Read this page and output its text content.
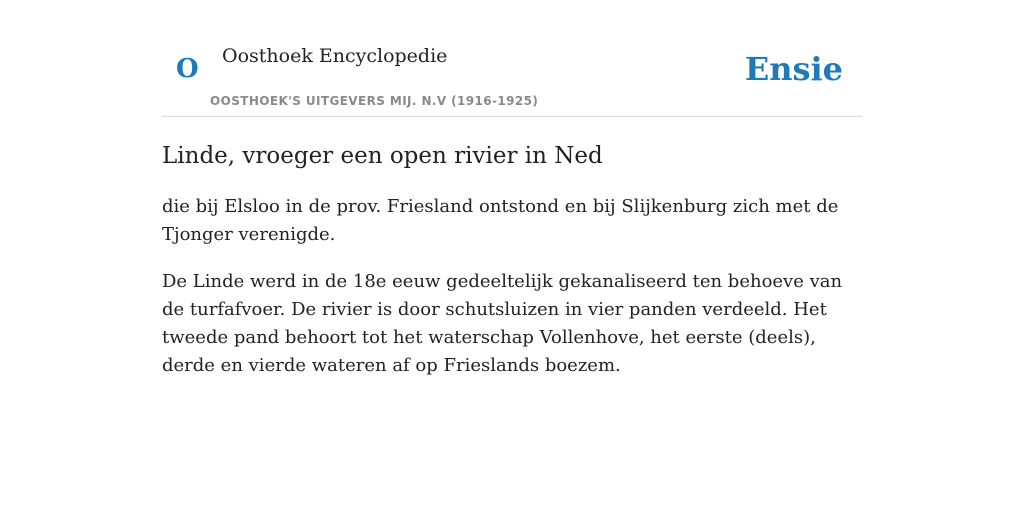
O Oosthoek Encyclopedie
OOSTHOEK'S UITGEVERS MIJ. N.V (1916-1925)
Ensie
Linde, vroeger een open rivier in Ned

die bij Elsloo in de prov. Friesland ontstond en bij Slijkenburg zich met de Tjonger verenigde.

De Linde werd in de 18e eeuw gedeeltelijk gekanaliseerd ten behoeve van de turfafvoer. De rivier is door schutsluizen in vier panden verdeeld. Het tweede pand behoort tot het waterschap Vollenhove, het eerste (deels), derde en vierde wateren af op Frieslands boezem.
